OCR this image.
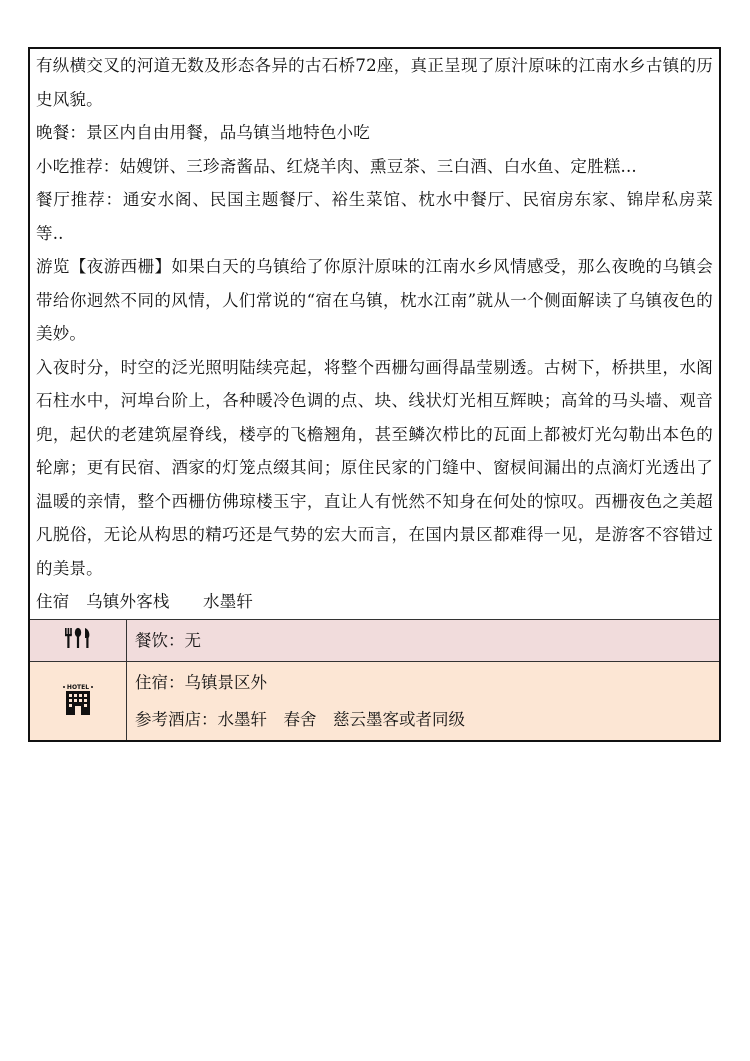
有纵横交叉的河道无数及形态各异的古石桥72座，真正呈现了原汁原味的江南水乡古镇的历史风貌。

晚餐：景区内自由用餐，品乌镇当地特色小吃

小吃推荐：姑嫂饼、三珍斋酱品、红烧羊肉、熏豆茶、三白酒、白水鱼、定胜糕...

餐厅推荐：通安水阁、民国主题餐厅、裕生菜馆、枕水中餐厅、民宿房东家、锦岸私房菜等..

游览【夜游西栅】如果白天的乌镇给了你原汁原味的江南水乡风情感受，那么夜晚的乌镇会带给你迥然不同的风情，人们常说的“宿在乌镇，枕水江南”就从一个侧面解读了乌镇夜色的美妙。

入夜时分，时空的泛光照明陆续亮起，将整个西栅勾画得晶莹剔透。古树下，桥拱里，水阁石柱水中，河埠台阶上，各种暖冷色调的点、块、线状灯光相互辉映；高耸的马头墙、观音兜，起伏的老建筑屋脊线，楼亭的飞檐翘角，甚至鳞次栉比的瓦面上都被灯光勾勒出本色的轮廓；更有民宿、酒家的灯笼点缀其间；原住民家的门缝中、窗棂间漏出的点滴灯光透出了温暖的亲情，整个西栅仿佛琼楼玉宇，直让人有恍然不知身在何处的惊叹。西栅夜色之美超凡脱俗，无论从构思的精巧还是气势的宏大而言，在国内景区都难得一见，是游客不容错过的美景。

住宿　乌镇外客栈　　水墨轩

餐饮：无
HOTEL	住宿：乌镇景区外
参考酒店：水墨轩　春舍　慈云墨客或者同级
